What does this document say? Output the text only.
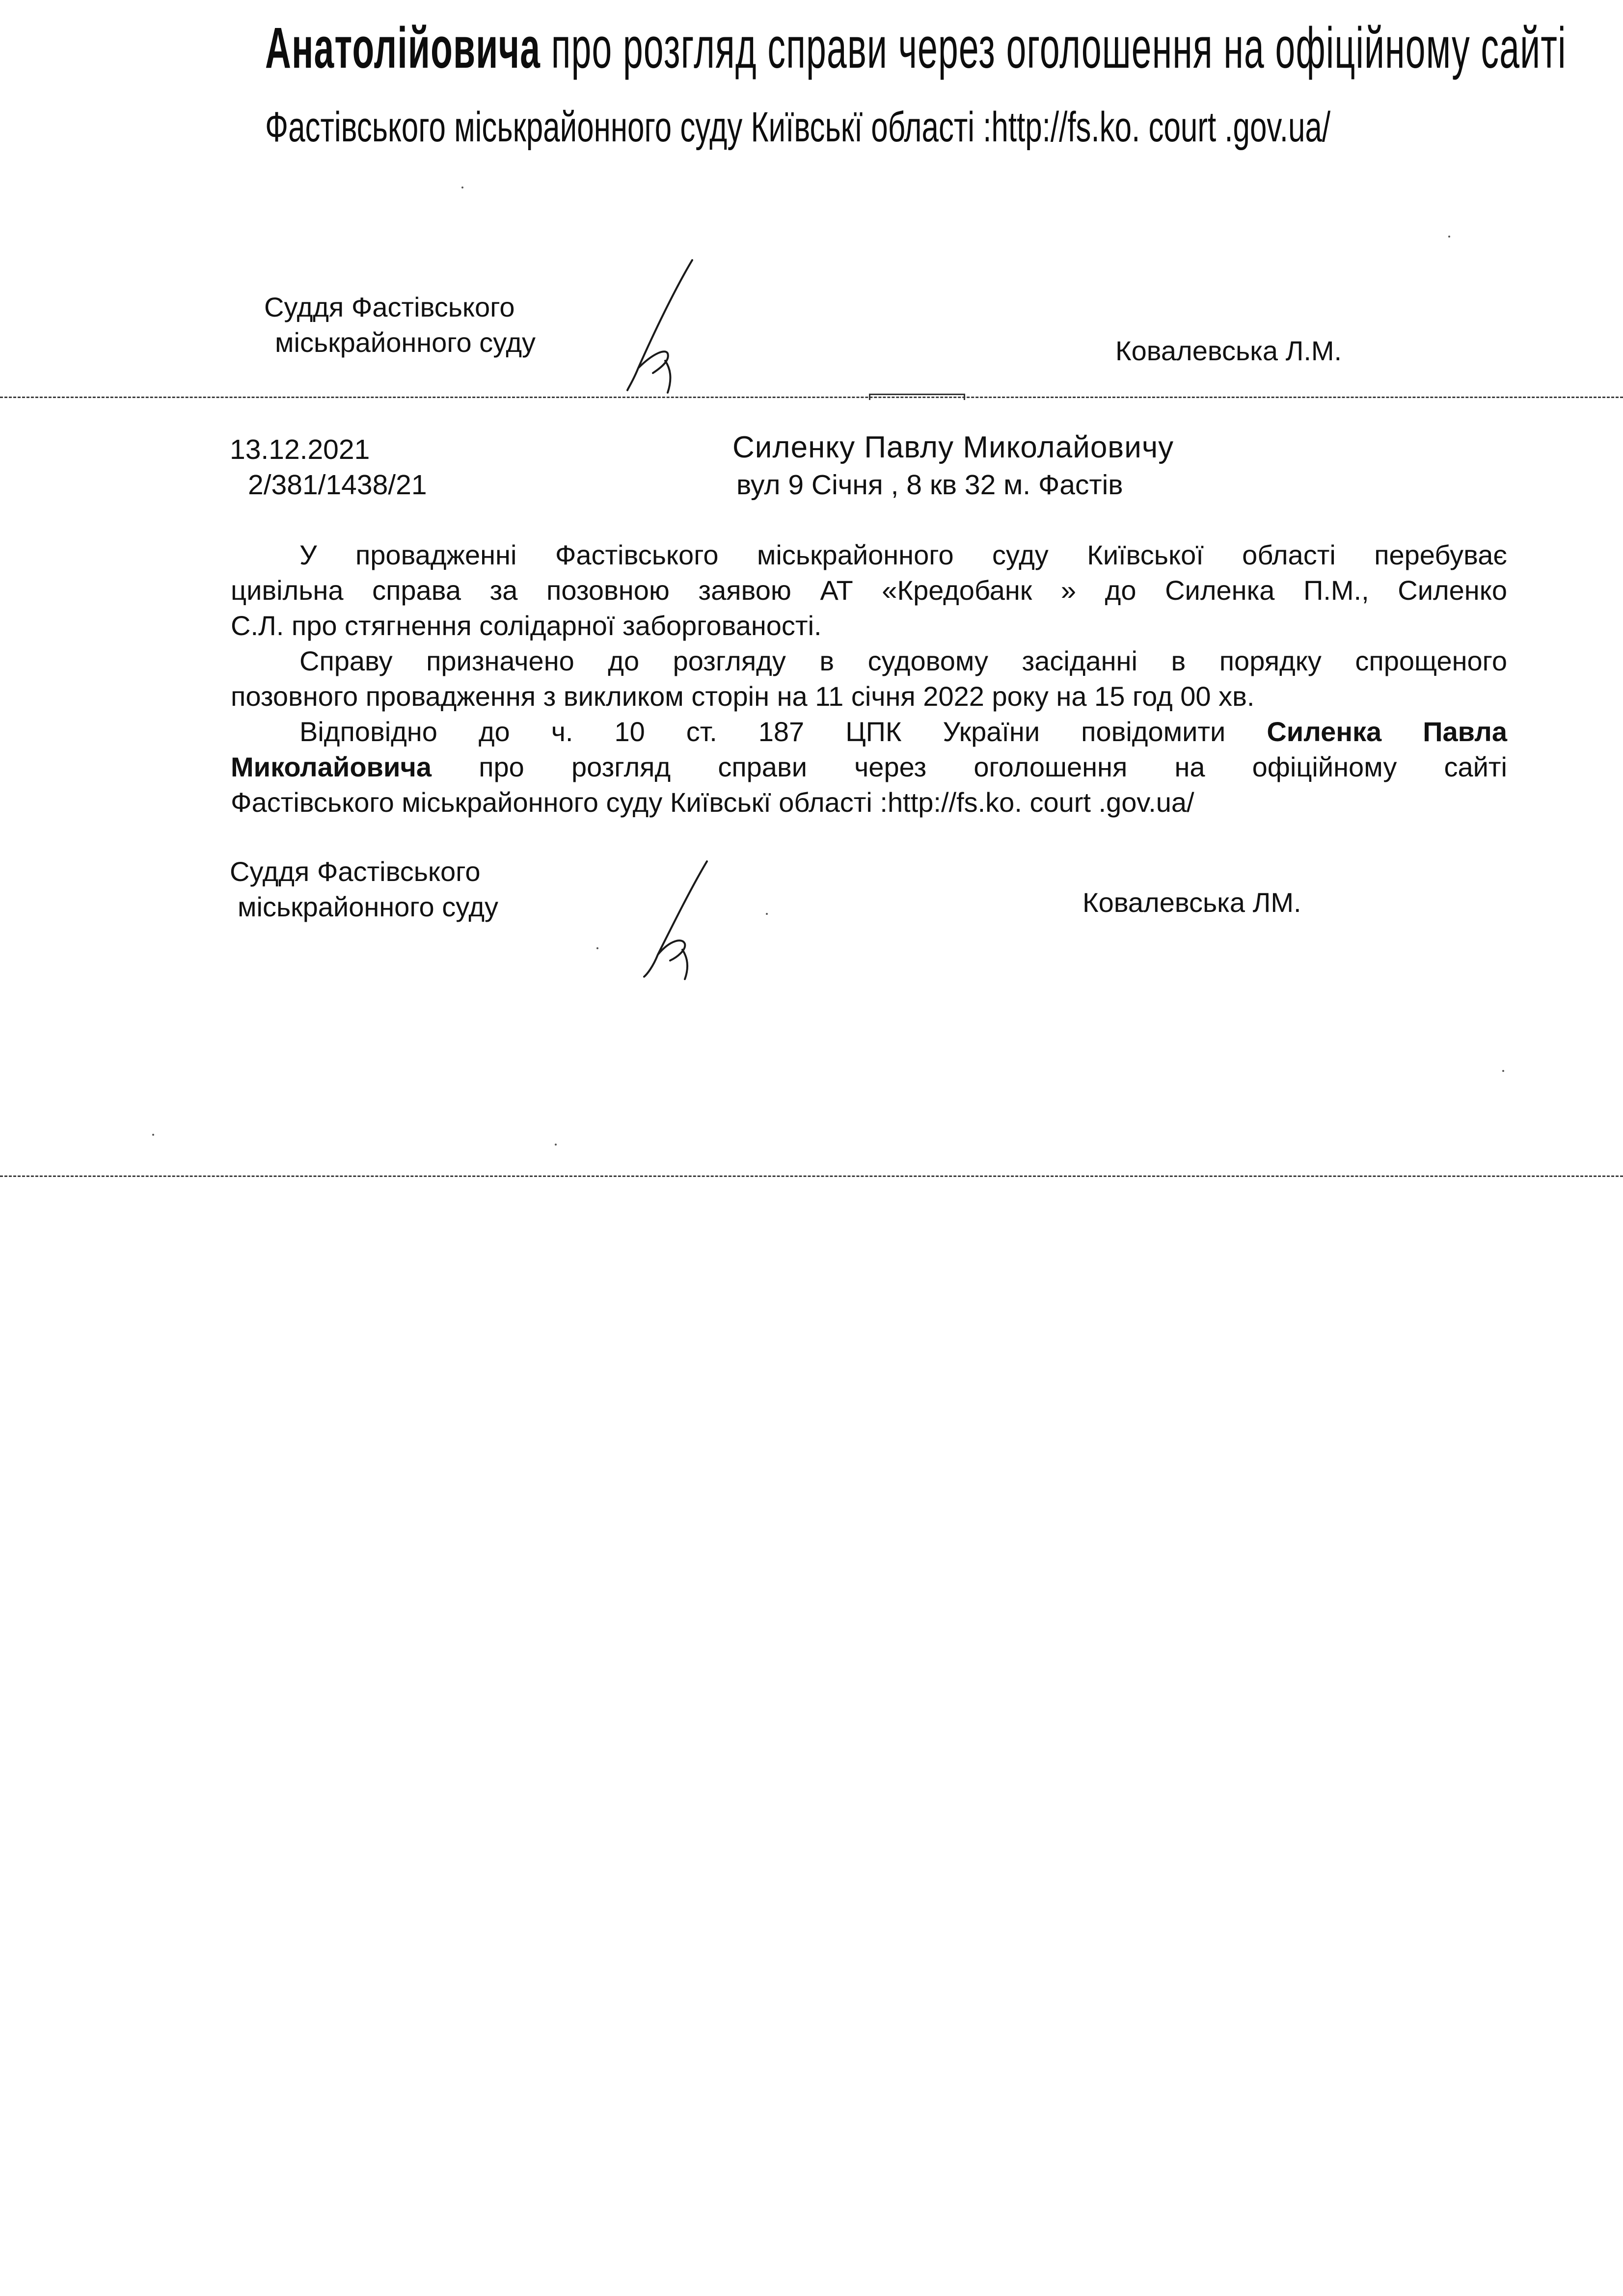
Анатолійовича про розгляд справи через оголошення на офіційному сайті
Фастівського міськрайонного суду Київськї області :http://fs.ko. court .gov.ua/
Суддя Фастівського
міськрайонного суду	Ковалевська Л.М.
13.12.2021
2/381/1438/21
Силенку Павлу Миколайовичу
вул 9 Січня , 8 кв 32 м. Фастів
У провадженні Фастівського міськрайонного суду Київської області перебуває
цивільна справа за позовною заявою АТ «Кредобанк » до Силенка П.М., Силенко
С.Л. про стягнення солідарної заборгованості.
Справу призначено до розгляду в судовому засіданні в порядку спрощеного
позовного провадження з викликом сторін на 11 січня 2022 року на 15 год 00 хв.
Відповідно до ч. 10 ст. 187 ЦПК України повідомити Силенка Павла
Миколайовича про розгляд справи через оголошення на офіційному сайті
Фастівського міськрайонного суду Київськї області :http://fs.ko. court .gov.ua/
Суддя Фастівського
міськрайонного суду	Ковалевська ЛМ.
